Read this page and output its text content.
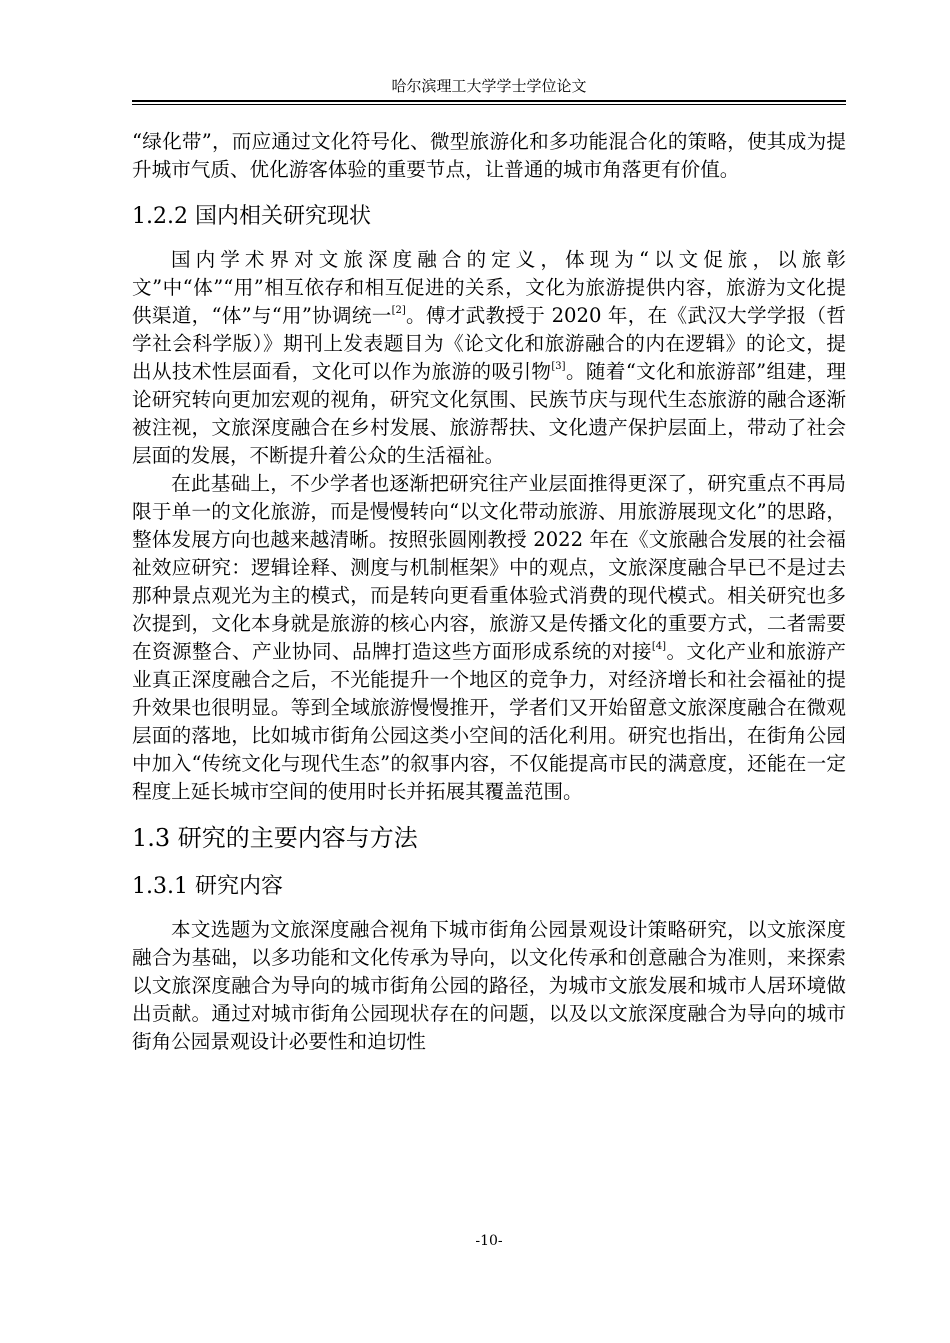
哈尔滨理工大学学士学位论文

“绿化带”，而应通过文化符号化、微型旅游化和多功能混合化的策略，使其成为提升城市气质、优化游客体验的重要节点，让普通的城市角落更有价值。

1.2.2 国内相关研究现状

国内学术界对文旅深度融合的定义，体现为“以文促旅，以旅彰文”中“体”“用”相互依存和相互促进的关系，文化为旅游提供内容，旅游为文化提供渠道，“体”与“用”协调统一[2]。傅才武教授于 2020 年，在《武汉大学学报（哲学社会科学版）》期刊上发表题目为《论文化和旅游融合的内在逻辑》的论文，提出从技术性层面看，文化可以作为旅游的吸引物[3]。随着“文化和旅游部”组建，理论研究转向更加宏观的视角，研究文化氛围、民族节庆与现代生态旅游的融合逐渐被注视，文旅深度融合在乡村发展、旅游帮扶、文化遗产保护层面上，带动了社会层面的发展，不断提升着公众的生活福祉。

在此基础上，不少学者也逐渐把研究往产业层面推得更深了，研究重点不再局限于单一的文化旅游，而是慢慢转向“以文化带动旅游、用旅游展现文化”的思路，整体发展方向也越来越清晰。按照张圆刚教授 2022 年在《文旅融合发展的社会福祉效应研究：逻辑诠释、测度与机制框架》中的观点，文旅深度融合早已不是过去那种景点观光为主的模式，而是转向更看重体验式消费的现代模式。相关研究也多次提到，文化本身就是旅游的核心内容，旅游又是传播文化的重要方式，二者需要在资源整合、产业协同、品牌打造这些方面形成系统的对接[4]。文化产业和旅游产业真正深度融合之后，不光能提升一个地区的竞争力，对经济增长和社会福祉的提升效果也很明显。等到全域旅游慢慢推开，学者们又开始留意文旅深度融合在微观层面的落地，比如城市街角公园这类小空间的活化利用。研究也指出，在街角公园中加入“传统文化与现代生态”的叙事内容，不仅能提高市民的满意度，还能在一定程度上延长城市空间的使用时长并拓展其覆盖范围。

1.3 研究的主要内容与方法
1.3.1 研究内容

本文选题为文旅深度融合视角下城市街角公园景观设计策略研究，以文旅深度融合为基础，以多功能和文化传承为导向，以文化传承和创意融合为准则，来探索以文旅深度融合为导向的城市街角公园的路径，为城市文旅发展和城市人居环境做出贡献。通过对城市街角公园现状存在的问题，以及以文旅深度融合为导向的城市街角公园景观设计必要性和迫切性

-10-
